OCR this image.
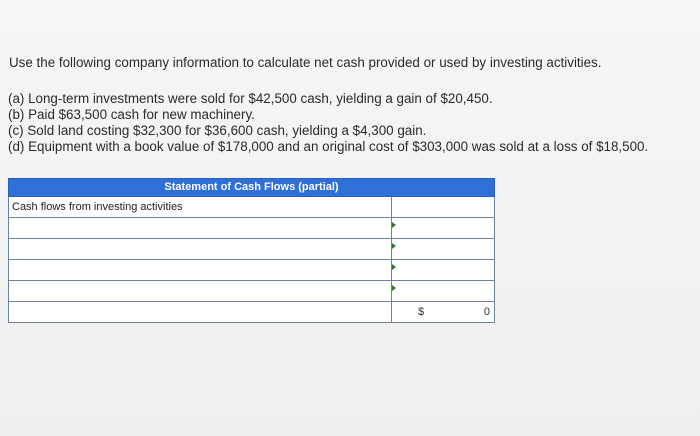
Use the following company information to calculate net cash provided or used by investing activities.
(a) Long-term investments were sold for $42,500 cash, yielding a gain of $20,450.
(b) Paid $63,500 cash for new machinery.
(c) Sold land costing $32,300 for $36,600 cash, yielding a $4,300 gain.
(d) Equipment with a book value of $178,000 and an original cost of $303,000 was sold at a loss of $18,500.
Statement of Cash Flows (partial)	

Cash flows from investing activities	

	$ 0
